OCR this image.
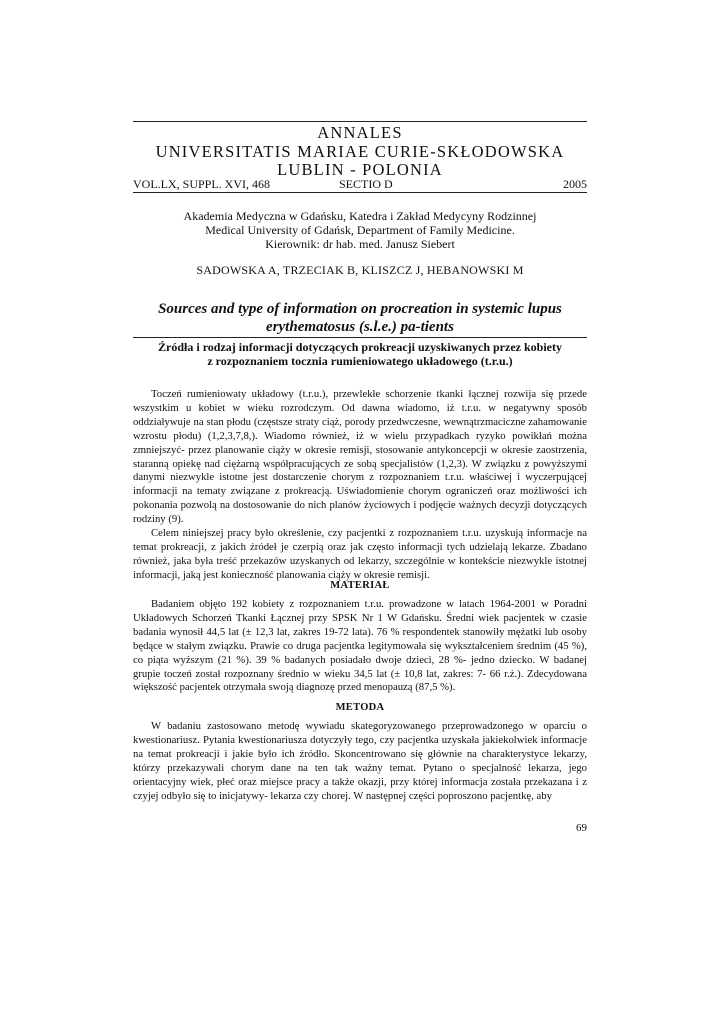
ANNALES
UNIVERSITATIS MARIAE CURIE-SKŁODOWSKA
LUBLIN - POLONIA
VOL.LX, SUPPL. XVI, 468	SECTIO D	2005
Akademia Medyczna w Gdańsku, Katedra i Zakład Medycyny Rodzinnej
Medical University of Gdańsk, Department of Family Medicine.
Kierownik: dr hab. med. Janusz Siebert
SADOWSKA A, TRZECIAK B, KLISZCZ J, HEBANOWSKI M
Sources and type of information on procreation in systemic lupus
erythematosus (s.l.e.) pa-tients
Źródła i rodzaj informacji dotyczących prokreacji uzyskiwanych przez kobiety
z rozpoznaniem tocznia rumieniowatego układowego (t.r.u.)

Toczeń rumieniowaty układowy (t.r.u.), przewlekłe schorzenie tkanki łącznej rozwija się przede wszystkim u kobiet w wieku rozrodczym. Od dawna wiadomo, iż t.r.u. w negatywny sposób oddziaływuje na stan płodu (częstsze straty ciąż, porody przedwczesne, wewnątrzmaciczne zahamowanie wzrostu płodu) (1,2,3,7,8,). Wiadomo również, iż w wielu przypadkach ryzyko powikłań można zmniejszyć- przez planowanie ciąży w okresie remisji, stosowanie antykoncepcji w okresie zaostrzenia, staranną opiekę nad ciężarną współpracujących ze sobą specjalistów (1,2,3). W związku z powyższymi danymi niezwykle istotne jest dostarczenie chorym z rozpoznaniem t.r.u. właściwej i wyczerpującej informacji na tematy związane z prokreacją. Uświadomienie chorym ograniczeń oraz możliwości ich pokonania pozwolą na dostosowanie do nich planów życiowych i podjęcie ważnych decyzji dotyczących rodziny (9).

Celem niniejszej pracy było określenie, czy pacjentki z rozpoznaniem t.r.u. uzyskują informacje na temat prokreacji, z jakich źródeł je czerpią oraz jak często informacji tych udzielają lekarze. Zbadano również, jaka była treść przekazów uzyskanych od lekarzy, szczególnie w kontekście niezwykle istotnej informacji, jaką jest konieczność planowania ciąży w okresie remisji.

MATERIAŁ

Badaniem objęto 192 kobiety z rozpoznaniem t.r.u. prowadzone w latach 1964-2001 w Poradni Układowych Schorzeń Tkanki Łącznej przy SPSK Nr 1 W Gdańsku. Średni wiek pacjentek w czasie badania wynosił 44,5 lat (± 12,3 lat, zakres 19-72 lata). 76 % respondentek stanowiły mężatki lub osoby będące w stałym związku. Prawie co druga pacjentka legitymowała się wykształceniem średnim (45 %), co piąta wyższym (21 %). 39 % badanych posiadało dwoje dzieci, 28 %- jedno dziecko. W badanej grupie toczeń został rozpoznany średnio w wieku 34,5 lat (± 10,8 lat, zakres: 7- 66 r.ż.). Zdecydowana większość pacjentek otrzymała swoją diagnozę przed menopauzą (87,5 %).

METODA

W badaniu zastosowano metodę wywiadu skategoryzowanego przeprowadzonego w oparciu o kwestionariusz. Pytania kwestionariusza dotyczyły tego, czy pacjentka uzyskała jakiekolwiek informacje na temat prokreacji i jakie było ich źródło. Skoncentrowano się głównie na charakterystyce lekarzy, którzy przekazywali chorym dane na ten tak ważny temat. Pytano o specjalność lekarza, jego orientacyjny wiek, płeć oraz miejsce pracy a także okazji, przy której informacja została przekazana i z czyjej odbyło się to inicjatywy- lekarza czy chorej. W następnej części poproszono pacjentkę, aby

69
